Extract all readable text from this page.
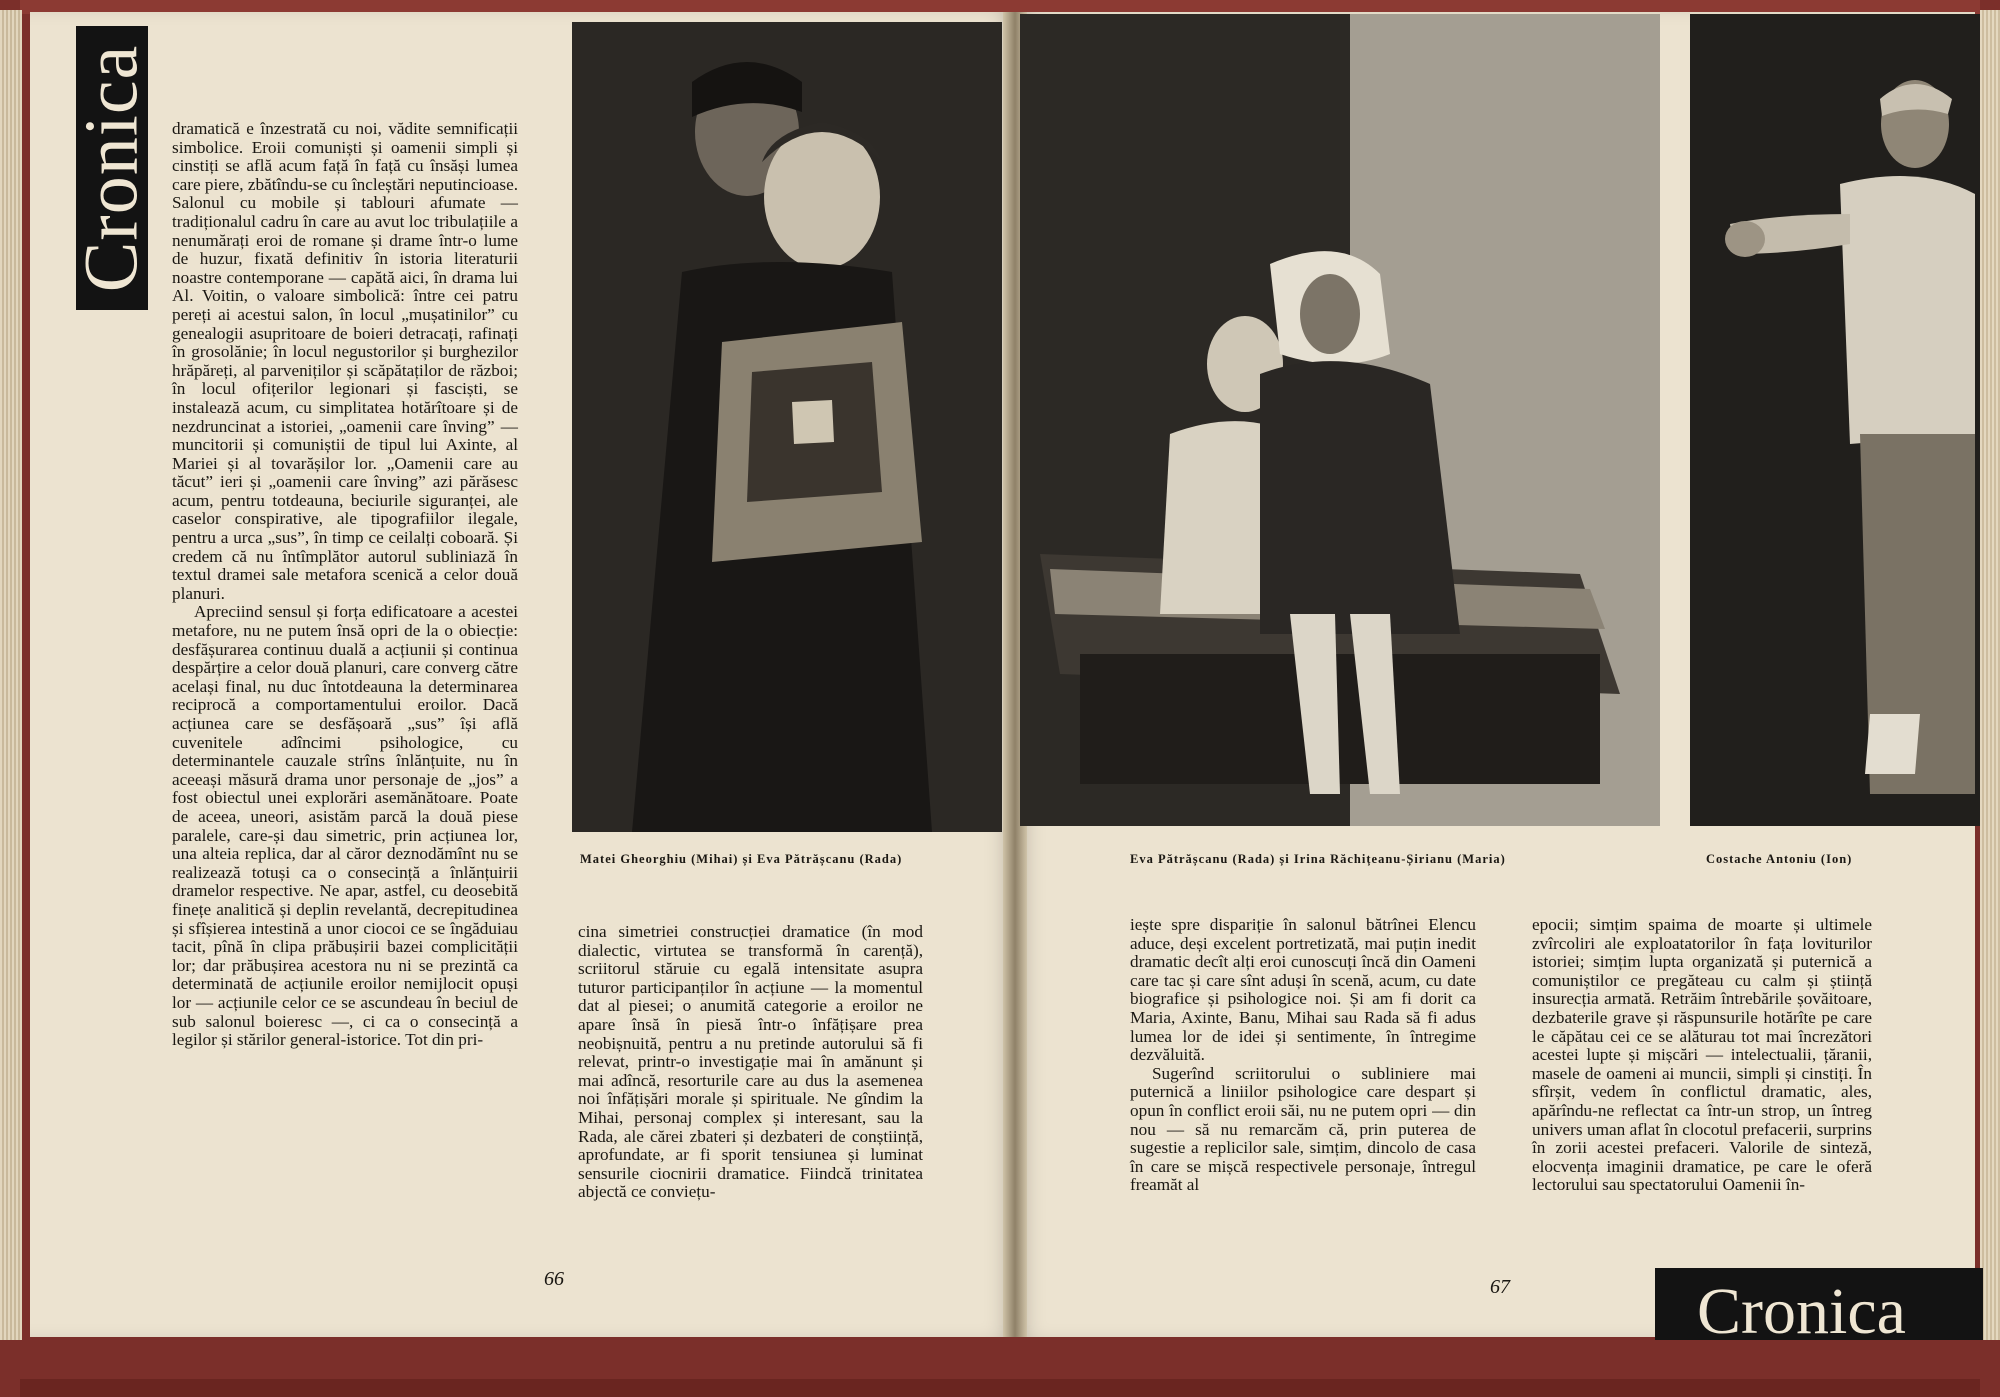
Cronica dramatică e înzestrată cu noi, vădite semnificații simbolice. Eroii comuniști și oamenii simpli și cinstiți se află acum față în față cu însăși lumea care piere, zbătîndu-se cu încleștări neputincioase. Salonul cu mobile și tablouri afumate — tradiționalul cadru în care au avut loc tribulațiile a nenumărați eroi de romane și drame într-o lume de huzur, fixată definitiv în istoria literaturii noastre contemporane — capătă aici, în drama lui Al. Voitin, o valoare simbolică: între cei patru pereți ai acestui salon, în locul „mușatinilor” cu genealogii asupritoare de boieri detracați, rafinați în grosolănie; în locul negustorilor și burghezilor hrăpăreți, al parveniților și scăpătaților de război; în locul ofițerilor legionari și fasciști, se instalează acum, cu simplitatea hotărîtoare și de nezdruncinat a istoriei, „oamenii care înving” — muncitorii și comuniștii de tipul lui Axinte, al Mariei și al tovarășilor lor. „Oamenii care au tăcut” ieri și „oamenii care înving” azi părăsesc acum, pentru totdeauna, beciurile siguranței, ale caselor conspirative, ale tipografiilor ilegale, pentru a urca „sus”, în timp ce ceilalți coboară. Și credem că nu întîmplător autorul subliniază în textul dramei sale metafora scenică a celor două planuri.

Apreciind sensul și forța edificatoare a acestei metafore, nu ne putem însă opri de la o obiecție: desfășurarea continuu duală a acțiunii și continua despărțire a celor două planuri, care converg către același final, nu duc întotdeauna la determinarea reciprocă a comportamentului eroilor. Dacă acțiunea care se desfășoară „sus” își află cuvenitele adîncimi psihologice, cu determinantele cauzale strîns înlănțuite, nu în aceeași măsură drama unor personaje de „jos” a fost obiectul unei explorări asemănătoare. Poate de aceea, uneori, asistăm parcă la două piese paralele, care-și dau simetric, prin acțiunea lor, una alteia replica, dar al căror deznodămînt nu se realizează totuși ca o consecință a înlănțuirii dramelor respective. Ne apar, astfel, cu deosebită finețe analitică și deplin revelantă, decrepitudinea și sfîșierea intestină a unor ciocoi ce se îngăduiau tacit, pînă în clipa prăbușirii bazei complicității lor; dar prăbușirea acestora nu ni se prezintă ca determinată de acțiunile eroilor nemijlocit opuși lor — acțiunile celor ce se ascundeau în beciul de sub salonul boieresc —, ci ca o consecință a legilor și stărilor general-istorice. Tot din pri-

Matei Gheorghiu (Mihai) și Eva Pătrășcanu (Rada)

cina simetriei construcției dramatice (în mod dialectic, virtutea se transformă în carență), scriitorul stăruie cu egală intensitate asupra tuturor participanților în acțiune — la momentul dat al piesei; o anumită categorie a eroilor ne apare însă în piesă într-o înfățișare prea neobișnuită, pentru a nu pretinde autorului să fi relevat, printr-o investigație mai în amănunt și mai adîncă, resorturile care au dus la asemenea noi înfățișări morale și spirituale. Ne gîndim la Mihai, personaj complex și interesant, sau la Rada, ale cărei zbateri și dezbateri de conștiință, aprofundate, ar fi sporit tensiunea și luminat sensurile ciocnirii dramatice. Fiindcă trinitatea abjectă ce conviețu-

66
Eva Pătrășcanu (Rada) și Irina Răchițeanu-Șirianu (Maria)	Costache Antoniu (Ion)

iește spre dispariție în salonul bătrînei Elencu aduce, deși excelent portretizată, mai puțin inedit dramatic decît alți eroi cunoscuți încă din Oameni care tac și care sînt aduși în scenă, acum, cu date biografice și psihologice noi. Și am fi dorit ca Maria, Axinte, Banu, Mihai sau Rada să fi adus lumea lor de idei și sentimente, în întregime dezvăluită.

Sugerînd scriitorului o subliniere mai puternică a liniilor psihologice care despart și opun în conflict eroii săi, nu ne putem opri — din nou — să nu remarcăm că, prin puterea de sugestie a replicilor sale, simțim, dincolo de casa în care se mișcă respectivele personaje, întregul freamăt al

epocii; simțim spaima de moarte și ultimele zvîrcoliri ale exploatatorilor în fața loviturilor istoriei; simțim lupta organizată și puternică a comuniștilor ce pregăteau cu calm și știință insurecția armată. Retrăim întrebările șovăitoare, dezbaterile grave și răspunsurile hotărîte pe care le căpătau cei ce se alăturau tot mai încrezători acestei lupte și mișcări — intelectualii, țăranii, masele de oameni ai muncii, simpli și cinstiți. În sfîrșit, vedem în conflictul dramatic, ales, apărîndu-ne reflectat ca într-un strop, un întreg univers uman aflat în clocotul prefacerii, surprins în zorii acestei prefaceri. Valorile de sinteză, elocvența imaginii dramatice, pe care le oferă lectorului sau spectatorului Oamenii în-

67	Cronica
